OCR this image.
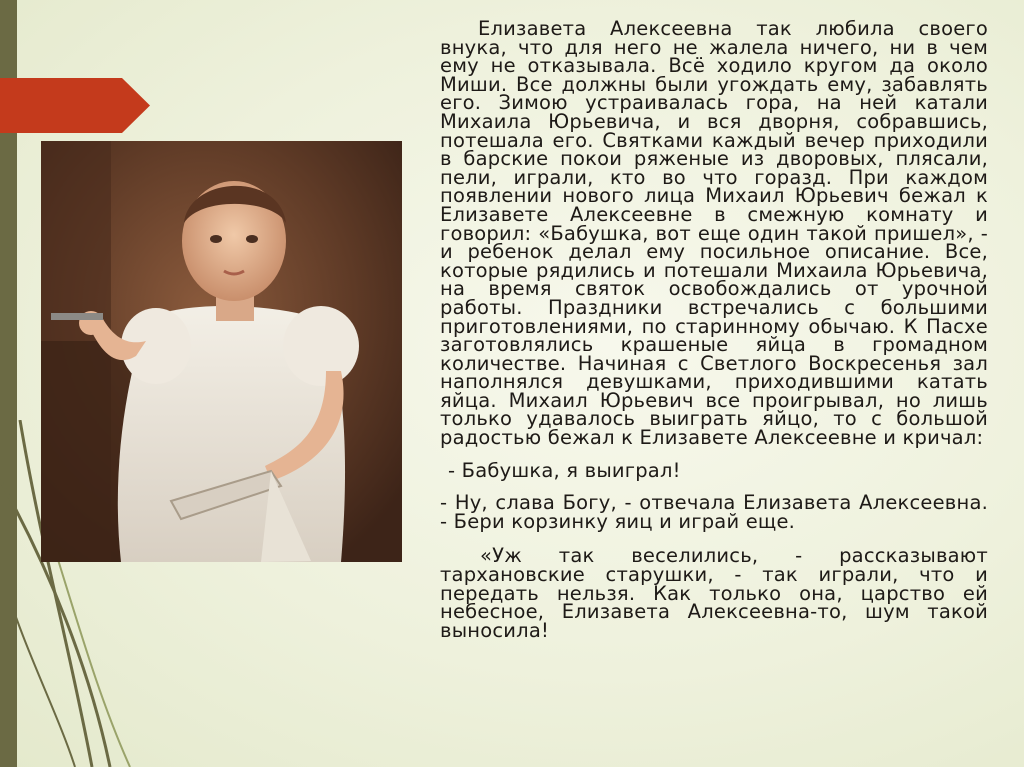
Елизавета Алексеевна так любила своего внука, что для него не жалела ничего, ни в чем ему не отказывала. Всё ходило кругом да около Миши. Все должны были угождать ему, забавлять его. Зимою устраивалась гора, на ней катали Михаила Юрьевича, и вся дворня, собравшись, потешала его. Святками каждый вечер приходили в барские покои ряженые из дворовых, плясали, пели, играли, кто во что горазд. При каждом появлении нового лица Михаил Юрьевич бежал к Елизавете Алексеевне в смежную комнату и говорил: «Бабушка, вот еще один такой пришел», - и ребенок делал ему посильное описание. Все, которые рядились и потешали Михаила Юрьевича, на время святок освобождались от урочной работы. Праздники встречались с большими приготовлениями, по старинному обычаю. К Пасхе заготовлялись крашеные яйца в громадном количестве. Начиная с Светлого Воскресенья зал наполнялся девушками, приходившими катать яйца. Михаил Юрьевич все проигрывал, но лишь только удавалось выиграть яйцо, то с большой радостью бежал к Елизавете Алексеевне и кричал:

- Бабушка, я выиграл!

- Ну, слава Богу, - отвечала Елизавета Алексеевна. - Бери корзинку яиц и играй еще.

«Уж так веселились, - рассказывают тархановские старушки, - так играли, что и передать нельзя. Как только она, царство ей небесное, Елизавета Алексеевна-то, шум такой выносила!
